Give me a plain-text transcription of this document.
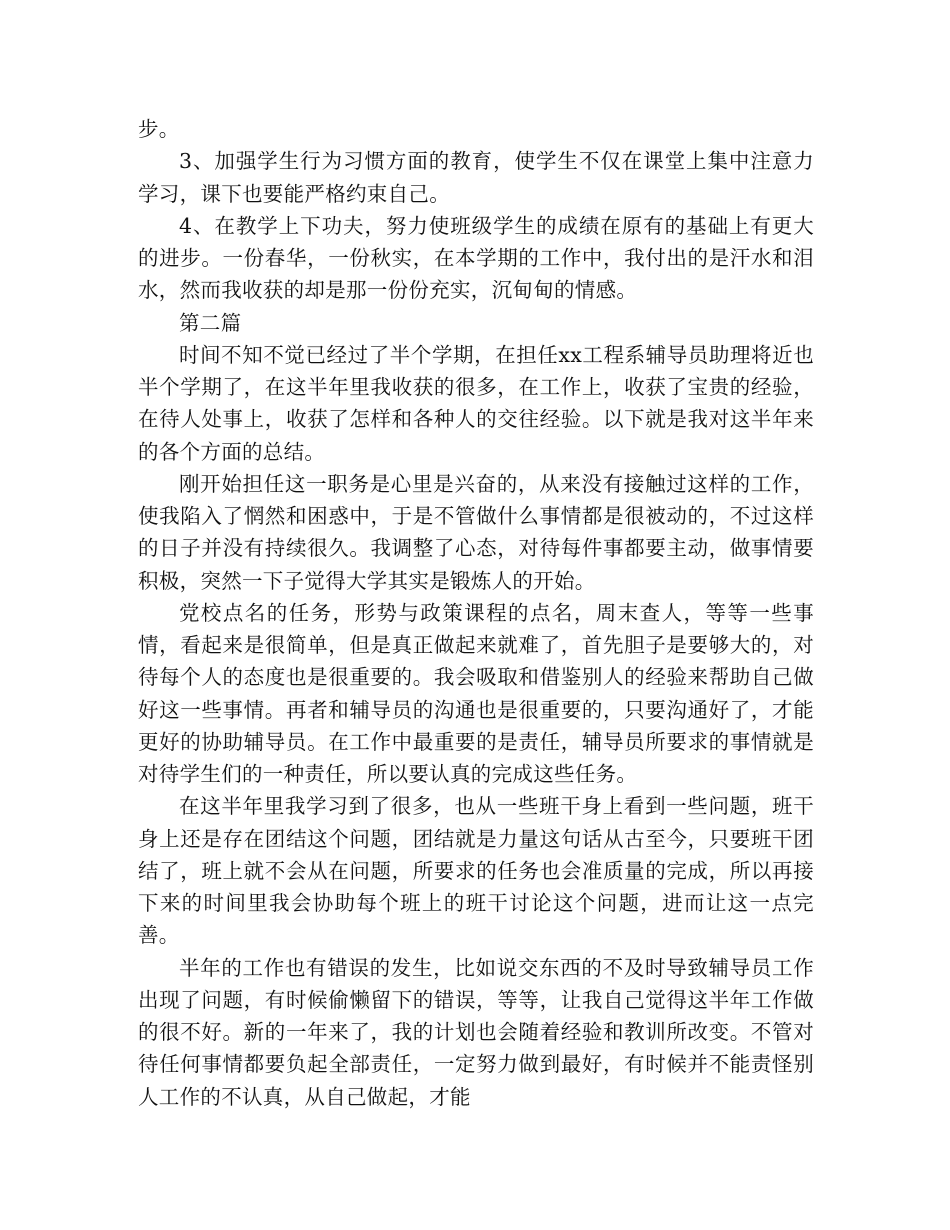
步。

3、加强学生行为习惯方面的教育，使学生不仅在课堂上集中注意力学习，课下也要能严格约束自己。

4、在教学上下功夫，努力使班级学生的成绩在原有的基础上有更大的进步。一份春华，一份秋实，在本学期的工作中，我付出的是汗水和泪水，然而我收获的却是那一份份充实，沉甸甸的情感。

第二篇

时间不知不觉已经过了半个学期，在担任xx工程系辅导员助理将近也半个学期了，在这半年里我收获的很多，在工作上，收获了宝贵的经验，在待人处事上，收获了怎样和各种人的交往经验。以下就是我对这半年来的各个方面的总结。

刚开始担任这一职务是心里是兴奋的，从来没有接触过这样的工作，使我陷入了惘然和困惑中，于是不管做什么事情都是很被动的，不过这样的日子并没有持续很久。我调整了心态，对待每件事都要主动，做事情要积极，突然一下子觉得大学其实是锻炼人的开始。

党校点名的任务，形势与政策课程的点名，周末查人，等等一些事情，看起来是很简单，但是真正做起来就难了，首先胆子是要够大的，对待每个人的态度也是很重要的。我会吸取和借鉴别人的经验来帮助自己做好这一些事情。再者和辅导员的沟通也是很重要的，只要沟通好了，才能更好的协助辅导员。在工作中最重要的是责任，辅导员所要求的事情就是对待学生们的一种责任，所以要认真的完成这些任务。

在这半年里我学习到了很多，也从一些班干身上看到一些问题，班干身上还是存在团结这个问题，团结就是力量这句话从古至今，只要班干团结了，班上就不会从在问题，所要求的任务也会准质量的完成，所以再接下来的时间里我会协助每个班上的班干讨论这个问题，进而让这一点完善。

半年的工作也有错误的发生，比如说交东西的不及时导致辅导员工作出现了问题，有时候偷懒留下的错误，等等，让我自己觉得这半年工作做的很不好。新的一年来了，我的计划也会随着经验和教训所改变。不管对待任何事情都要负起全部责任，一定努力做到最好，有时候并不能责怪别人工作的不认真，从自己做起，才能
